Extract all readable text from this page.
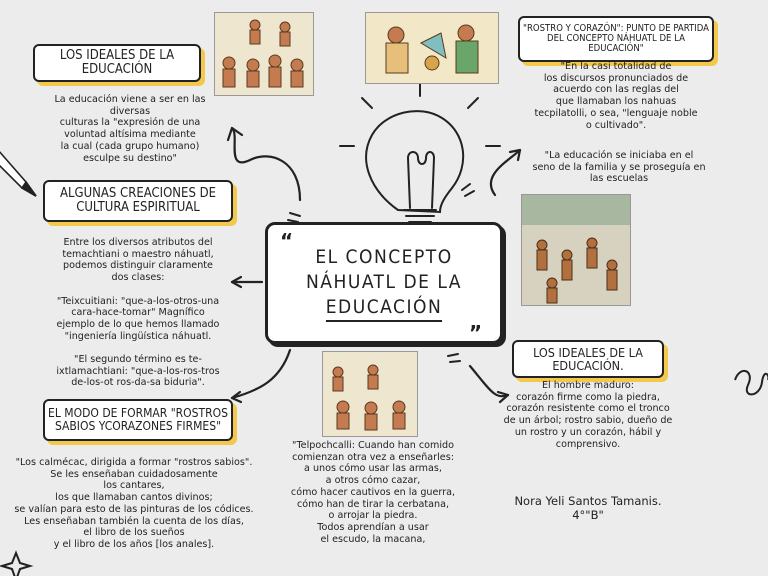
EL CONCEPTO
NÁHUATL DE LA
EDUCACIÓN
“
”
LOS IDEALES DE LA EDUCACIÓN
ALGUNAS CREACIONES DE CULTURA ESPIRITUAL
EL MODO DE FORMAR "ROSTROS SABIOS YCORAZONES FIRMES"
"ROSTRO Y CORAZÓN": PUNTO DE PARTIDA DEL CONCEPTO NÁHUATL DE LA EDUCACIÓN"
LOS IDEALES DE LA EDUCACIÓN.
La educación viene a ser en las
diversas
culturas la "expresión de una
voluntad altísima mediante
la cual (cada grupo humano)
esculpe su destino"
Entre los diversos atributos del
temachtiani o maestro náhuatl,
podemos distinguir claramente
dos clases:

"Teixcuitiani: "que-a-los-otros-una
cara-hace-tomar" Magnífico
ejemplo de lo que hemos llamado
"ingeniería lingüística náhuatl.

"El segundo término es te-
ixtlamachtiani: "que-a-los-ros-tros
de-los-ot ros-da-sa biduria".
"Los calmécac, dirigida a formar "rostros sabios".
Se les enseñaban cuidadosamente
los cantares,
los que llamaban cantos divinos;
se valían para esto de las pinturas de los códices.
Les enseñaban también la cuenta de los días,
el libro de los sueños
y el libro de los años [los anales].
"En la casi totalidad de
los discursos pronunciados de
acuerdo con las reglas del
que llamaban los nahuas
tecpilatolli, o sea, "lenguaje noble
o cultivado".
"La educación se iniciaba en el
seno de la familia y se proseguía en
las escuelas
El hombre maduro:
corazón firme como la piedra,
corazón resistente como el tronco
de un árbol; rostro sabio, dueño de
un rostro y un corazón, hábil y
comprensivo.
"Telpochcalli: Cuando han comido
comienzan otra vez a enseñarles:
a unos cómo usar las armas,
a otros cómo cazar,
cómo hacer cautivos en la guerra,
cómo han de tirar la cerbatana,
o arrojar la piedra.
Todos aprendían a usar
el escudo, la macana,
Nora Yeli Santos Tamanis.
4°"B"
